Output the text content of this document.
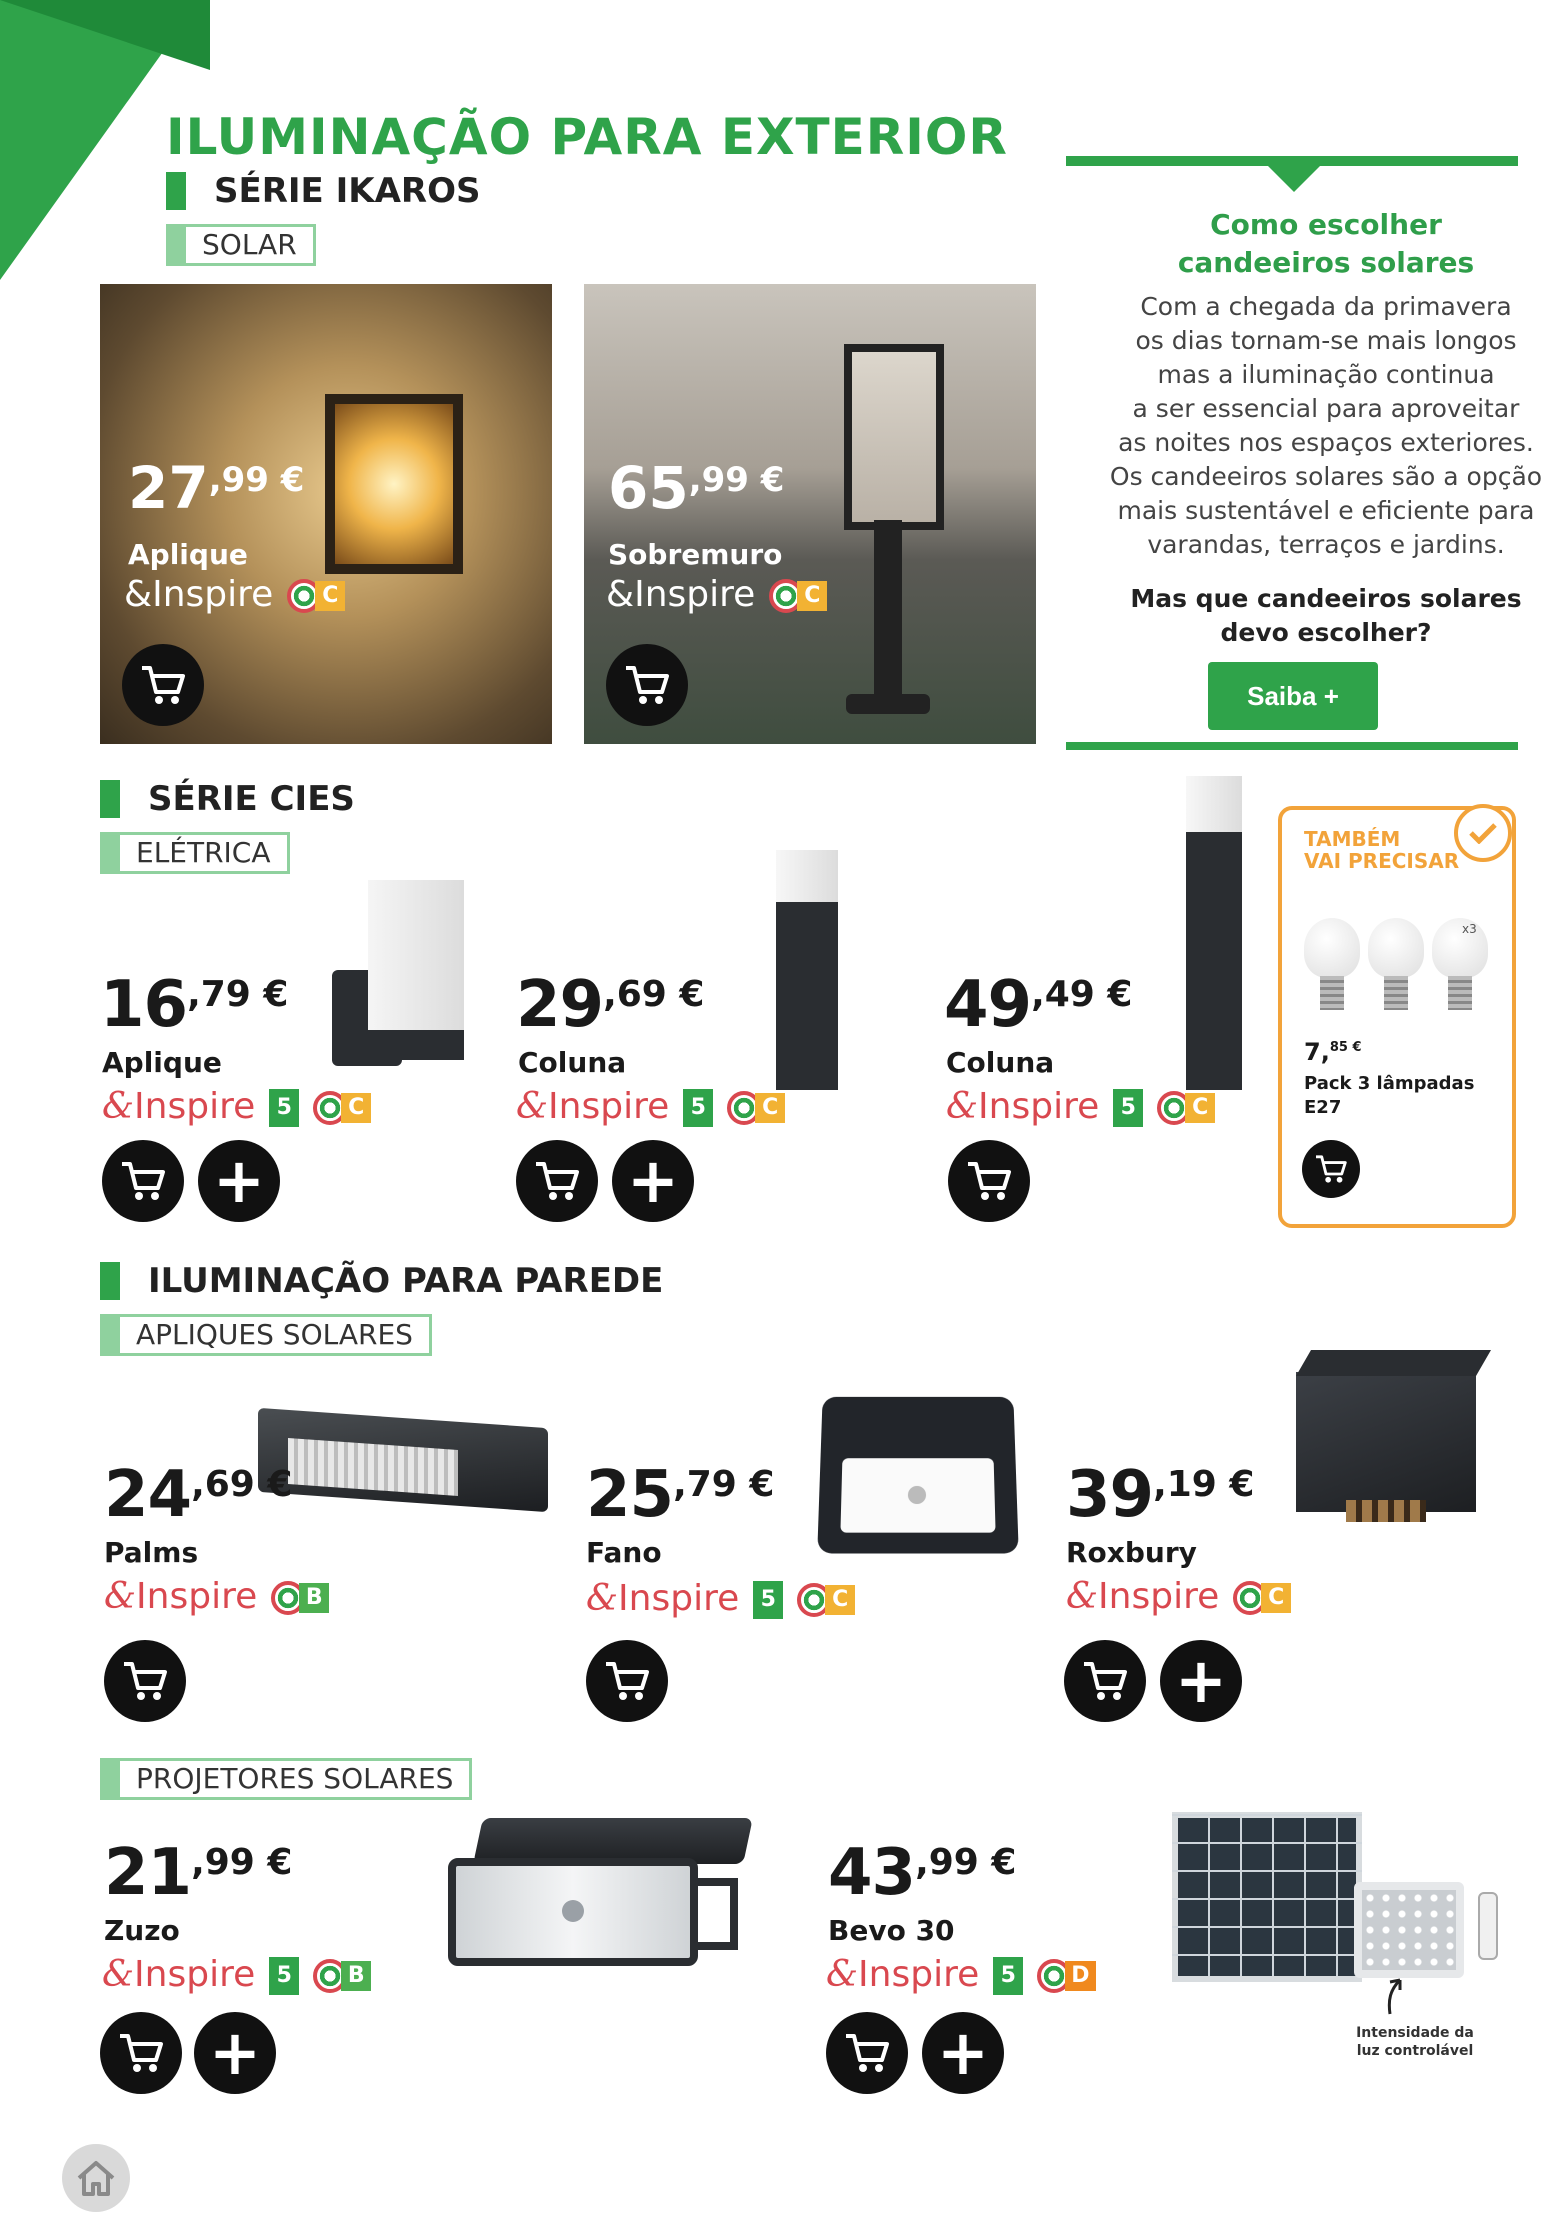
ILUMINAÇÃO PARA EXTERIOR
SÉRIE IKAROS
SOLAR
$27^{,99 €}$
Aplique
&Inspire	C
$65^{,99 €}$
Sobremuro
&Inspire	C
Como escolher
candeeiros solares
Com a chegada da primavera
os dias tornam-se mais longos
mas a iluminação continua
a ser essencial para aproveitar
as noites nos espaços exteriores.
Os candeeiros solares são a opção
mais sustentável e eficiente para
varandas, terraços e jardins.
Mas que candeeiros solares
devo escolher?
Saiba +
SÉRIE CIES
ELÉTRICA
$16^{,79 €}$
Aplique
&Inspire 5	C
+
$29^{,69 €}$
Coluna
&Inspire 5	C
+
$49^{,49 €}$
Coluna
&Inspire 5	C
TAMBÉM
VAI PRECISAR
x3
7,$^{85 €}$
Pack 3 lâmpadas
E27
ILUMINAÇÃO PARA PAREDE
APLIQUES SOLARES
$24^{,69 €}$
Palms
&Inspire	B
$25^{,79 €}$
Fano
&Inspire 5	C
$39^{,19 €}$
Roxbury
&Inspire	C
+
PROJETORES SOLARES
$21^{,99 €}$
Zuzo
&Inspire 5	B
+	Intensidade da
luz controlável
$43^{,99 €}$
Bevo 30
&Inspire 5	D
+
